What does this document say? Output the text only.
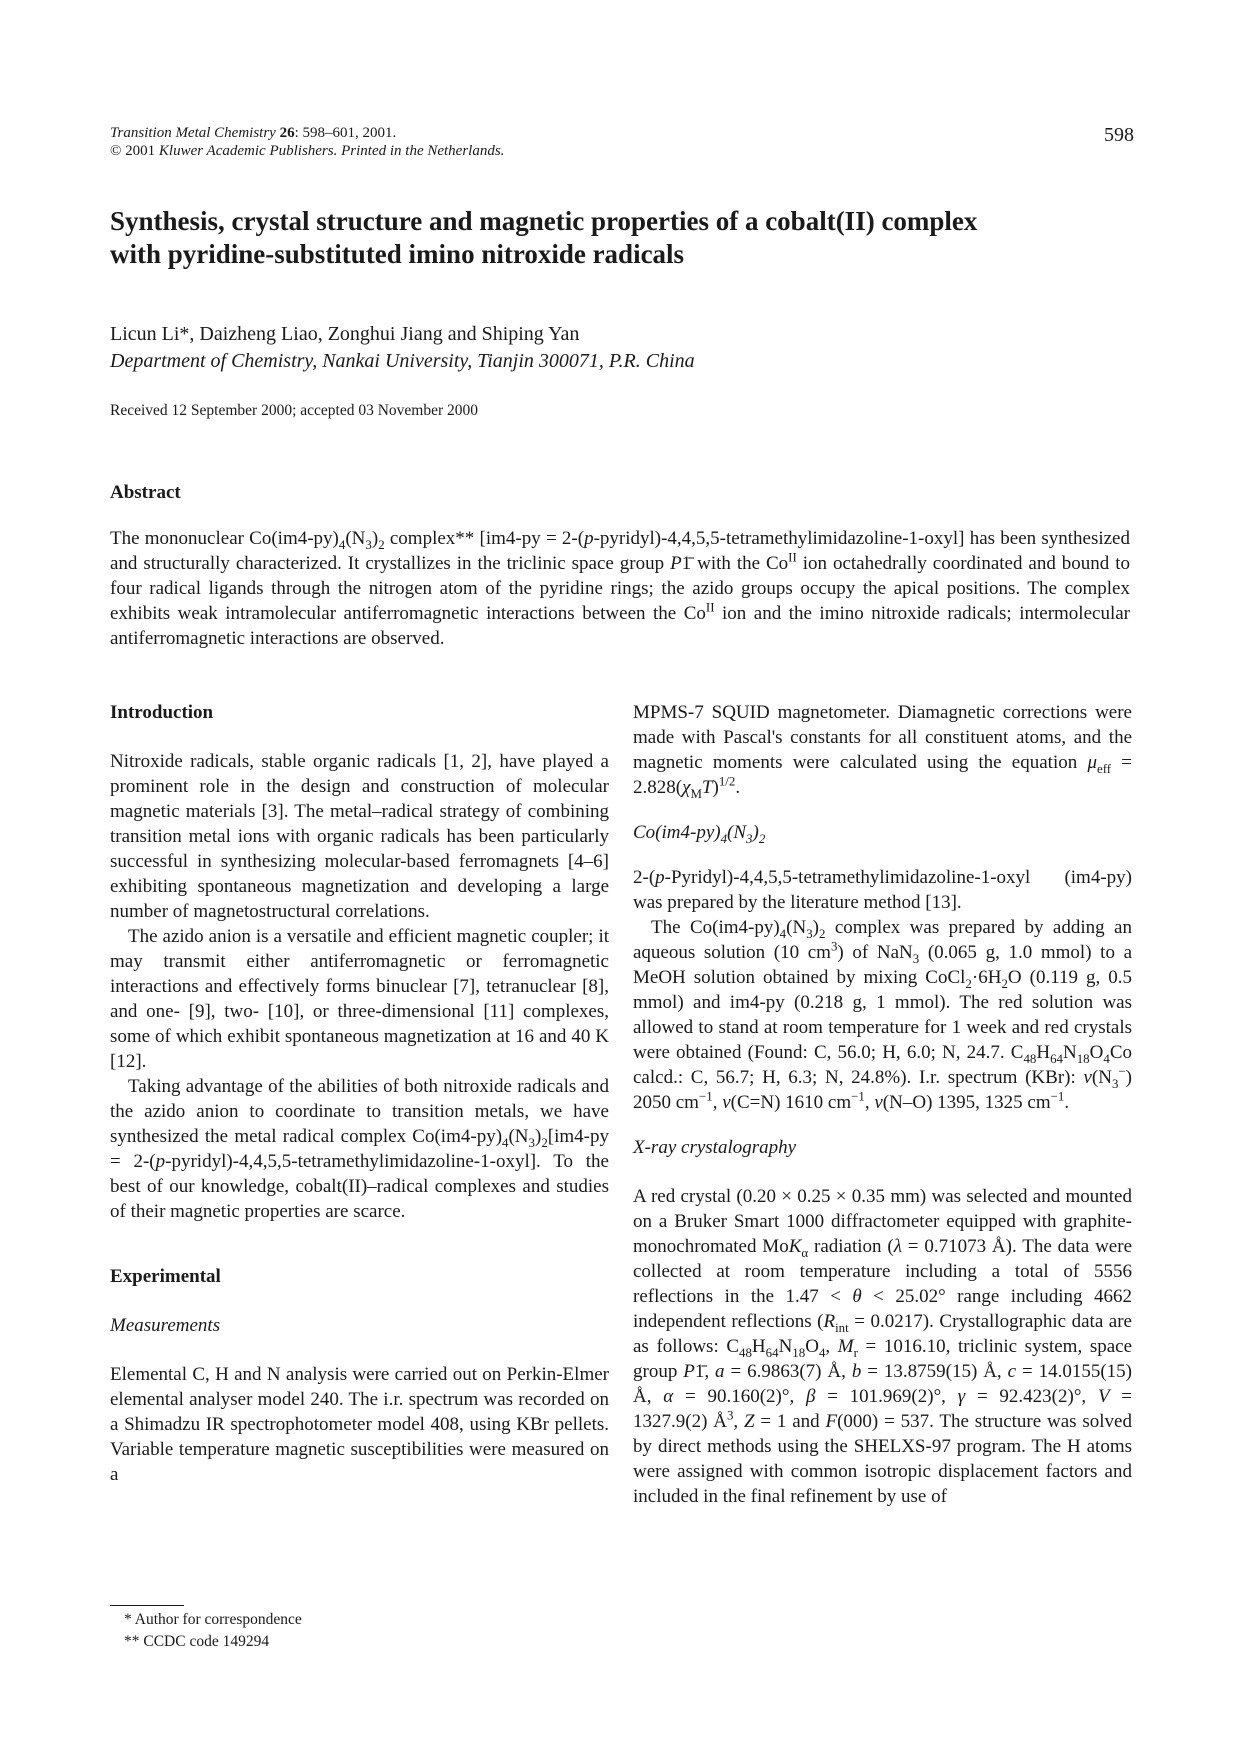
Transition Metal Chemistry 26: 598–601, 2001.
© 2001 Kluwer Academic Publishers. Printed in the Netherlands.
598
Synthesis, crystal structure and magnetic properties of a cobalt(II) complex
with pyridine-substituted imino nitroxide radicals
Licun Li*, Daizheng Liao, Zonghui Jiang and Shiping Yan
Department of Chemistry, Nankai University, Tianjin 300071, P.R. China
Received 12 September 2000; accepted 03 November 2000
Abstract

The mononuclear $Co(im4-py)_4(N_3)_2$ complex** [im4-py = 2-(p-pyridyl)-4,4,5,5-tetramethylimidazoline-1-oxyl] has been synthesized and structurally characterized. It crystallizes in the triclinic space group P1̄ with the $Co^{II}$ ion octahedrally coordinated and bound to four radical ligands through the nitrogen atom of the pyridine rings; the azido groups occupy the apical positions. The complex exhibits weak intramolecular antiferromagnetic interactions between the $Co^{II}$ ion and the imino nitroxide radicals; intermolecular antiferromagnetic interactions are observed.

Introduction

Nitroxide radicals, stable organic radicals [1, 2], have played a prominent role in the design and construction of molecular magnetic materials [3]. The metal–radical strategy of combining transition metal ions with organic radicals has been particularly successful in synthesizing molecular-based ferromagnets [4–6] exhibiting spontaneous magnetization and developing a large number of magnetostructural correlations.

The azido anion is a versatile and efficient magnetic coupler; it may transmit either antiferromagnetic or ferromagnetic interactions and effectively forms binuclear [7], tetranuclear [8], and one- [9], two- [10], or three-dimensional [11] complexes, some of which exhibit spontaneous magnetization at 16 and 40 K [12].

Taking advantage of the abilities of both nitroxide radicals and the azido anion to coordinate to transition metals, we have synthesized the metal radical complex $Co(im4-py)_4(N_3)_2[im4-py$ = 2-(p-pyridyl)-4,4,5,5-tetramethylimidazoline-1-oxyl]. To the best of our knowledge, cobalt(II)–radical complexes and studies of their magnetic properties are scarce.

Experimental

Measurements

Elemental C, H and N analysis were carried out on Perkin-Elmer elemental analyser model 240. The i.r. spectrum was recorded on a Shimadzu IR spectrophotometer model 408, using KBr pellets. Variable temperature magnetic susceptibilities were measured on a

MPMS-7 SQUID magnetometer. Diamagnetic corrections were made with Pascal's constants for all constituent atoms, and the magnetic moments were calculated using the equation $\mu_{eff} = 2.828(\chi_MT)^{1/2}$.

$Co(im4-py)_4(N_3)_2$

2-(p-Pyridyl)-4,4,5,5-tetramethylimidazoline-1-oxyl (im4-py) was prepared by the literature method [13].

The $Co(im4-py)_4(N_3)_2$ complex was prepared by adding an aqueous solution (10 $cm^3$) of NaN$_3$ (0.065 g, 1.0 mmol) to a MeOH solution obtained by mixing $CoCl_2\cdot 6H_2O$ (0.119 g, 0.5 mmol) and im4-py (0.218 g, 1 mmol). The red solution was allowed to stand at room temperature for 1 week and red crystals were obtained (Found: C, 56.0; H, 6.0; N, 24.7. $C_{48}H_{64}N_{18}O_4Co$ calcd.: C, 56.7; H, 6.3; N, 24.8%). I.r. spectrum (KBr): $\nu(N_3^-)$ 2050 $cm^{-1}$, ν(C=N) 1610 $cm^{-1}$, ν(N–O) 1395, 1325 $cm^{-1}$.

X-ray crystalography

A red crystal (0.20 × 0.25 × 0.35 mm) was selected and mounted on a Bruker Smart 1000 diffractometer equipped with graphite-monochromated MoK$_\alpha$ radiation (λ = 0.71073 Å). The data were collected at room temperature including a total of 5556 reflections in the 1.47 < θ < 25.02° range including 4662 independent reflections $(R_{int} = 0.0217)$. Crystallographic data are as follows: $C_{48}H_{64}N_{18}O_4$, $M_r = 1016.10$, triclinic system, space group P1̄, a = 6.9863(7) Å, b = 13.8759(15) Å, c = 14.0155(15) Å, α = 90.160(2)°, β = 101.969(2)°, γ = 92.423(2)°, V = 1327.9(2) $Å^3$, Z = 1 and F(000) = 537. The structure was solved by direct methods using the SHELXS-97 program. The H atoms were assigned with common isotropic displacement factors and included in the final refinement by use of

* Author for correspondence
** CCDC code 149294
